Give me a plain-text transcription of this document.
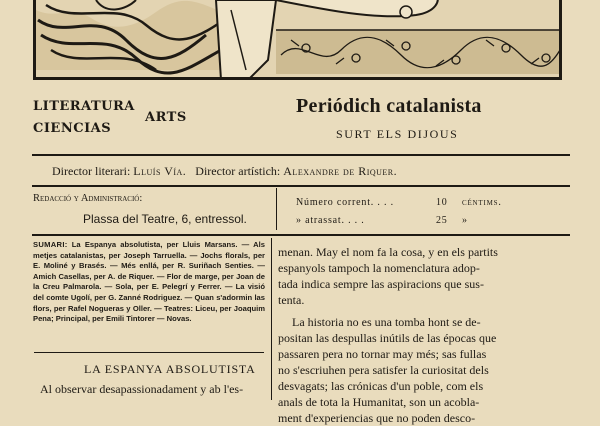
LITERATURA
ARTS
CIENCIAS
Periódich catalanista
SURT ELS DIJOUS
Director literari: Lluís Vía. Director artístich: Alexandre de Riquer.
Redacció y Administració:
Plassa del Teatre, 6, entressol.
Número corrent. . . .	10 céntims.
» atrassat. . . .	25 »
SUMARI: La Espanya absolutista, per Lluis Marsans. — Als metjes catalanistas, per Joseph Tarruella. — Jochs florals, per E. Moliné y Brasés. — Més enllá, per R. Suriñach Senties. — Amich Casellas, per A. de Riquer. — Flor de marge, per Joan de la Creu Palmarola. — Sola, per E. Pelegrí y Ferrer. — La visió del comte Ugolí, per G. Zanné Rodriguez. — Quan s'adormin las flors, per Rafel Nogueras y Oller. — Teatres: Liceu, per Joaquim Pena; Principal, per Emili Tintorer — Novas.
LA ESPANYA ABSOLUTISTA
Al observar desapassionadament y ab l'es-
menan. May el nom fa la cosa, y en els partits
espanyols tampoch la nomenclatura adop-
tada indica sempre las aspiracions que sus-
tenta.
La historia no es una tomba hont se de-
positan las despullas inútils de las épocas que
passaren pera no tornar may més; sas fullas
no s'escriuhen pera satisfer la curiositat dels
desvagats; las crónicas d'un poble, com els
anals de tota la Humanitat, son un acobla-
ment d'experiencias que no poden desco-
